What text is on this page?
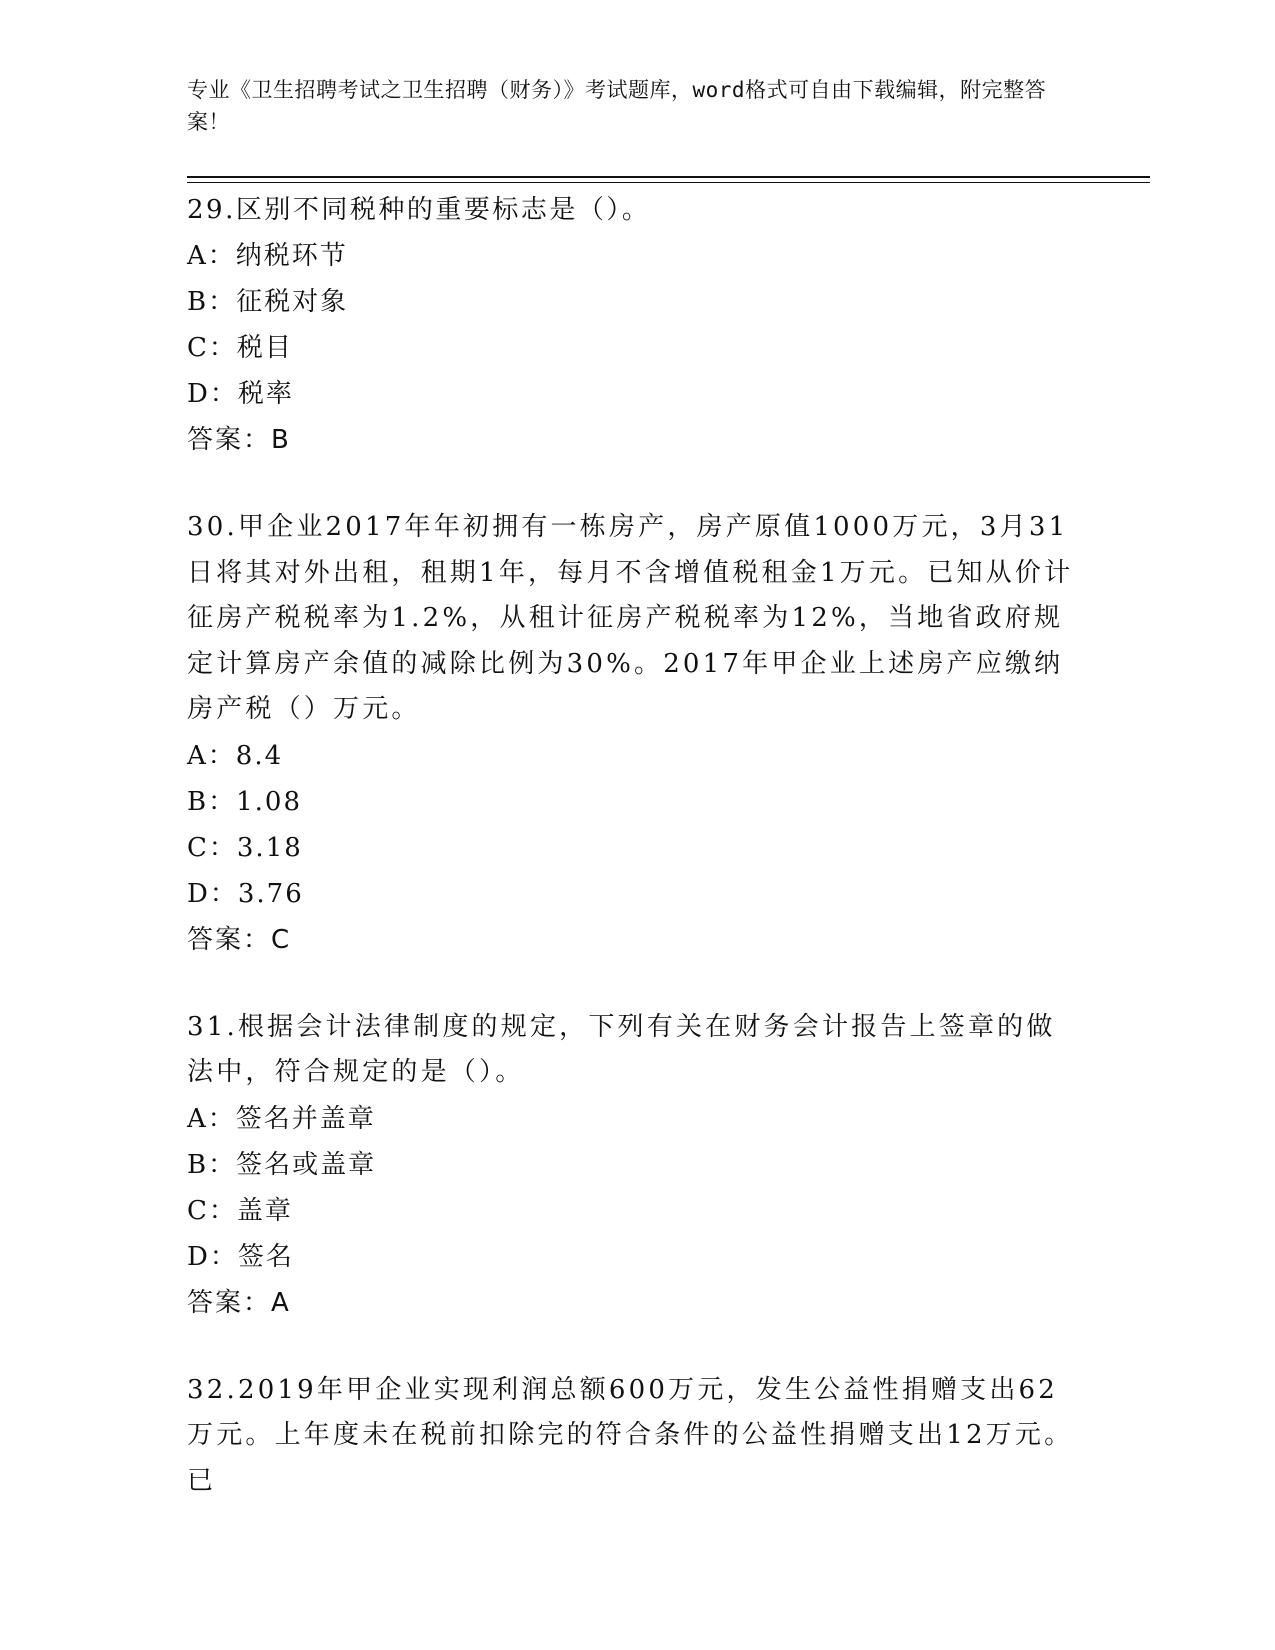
专业《卫生招聘考试之卫生招聘（财务）》考试题库，word格式可自由下载编辑，附完整答案！
29.区别不同税种的重要标志是（）。
A：纳税环节
B：征税对象
C：税目
D：税率
答案：B
30.甲企业2017年年初拥有一栋房产，房产原值1000万元，3月31日将其对外出租，租期1年，每月不含增值税租金1万元。已知从价计征房产税税率为1.2%，从租计征房产税税率为12%，当地省政府规定计算房产余值的减除比例为30%。2017年甲企业上述房产应缴纳房产税（）万元。
A：8.4
B：1.08
C：3.18
D：3.76
答案：C
31.根据会计法律制度的规定，下列有关在财务会计报告上签章的做法中，符合规定的是（）。
A：签名并盖章
B：签名或盖章
C：盖章
D：签名
答案：A
32.2019年甲企业实现利润总额600万元，发生公益性捐赠支出62万元。上年度未在税前扣除完的符合条件的公益性捐赠支出12万元。已
